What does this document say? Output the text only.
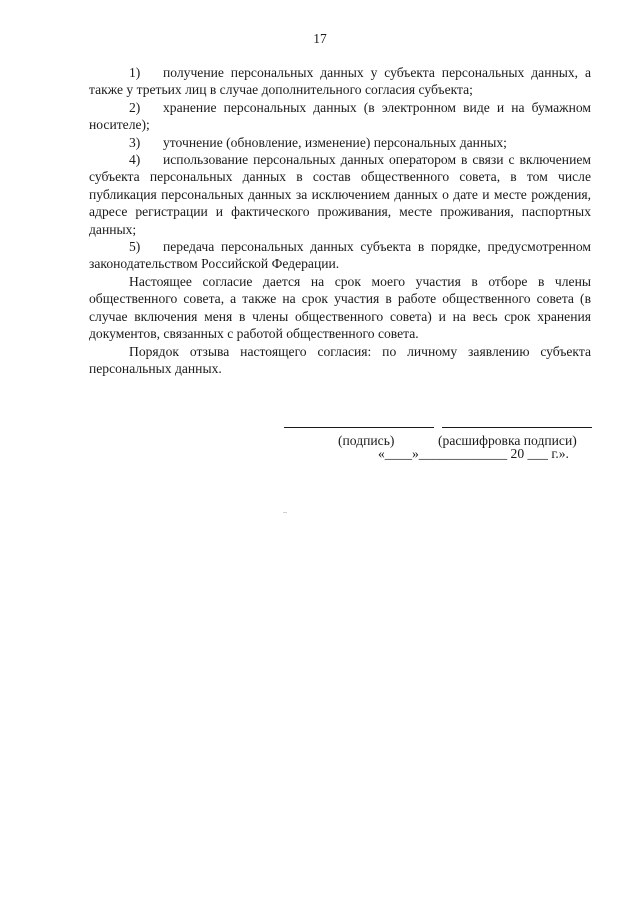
17

1) получение персональных данных у субъекта персональных данных, а также у третьих лиц в случае дополнительного согласия субъекта;

2) хранение персональных данных (в электронном виде и на бумажном носителе);

3) уточнение (обновление, изменение) персональных данных;

4) использование персональных данных оператором в связи с включением субъекта персональных данных в состав общественного совета, в том числе публикация персональных данных за исключением данных о дате и месте рождения, адресе регистрации и фактического проживания, месте проживания, паспортных данных;

5) передача персональных данных субъекта в порядке, предусмотренном законодательством Российской Федерации.

Настоящее согласие дается на срок моего участия в отборе в члены общественного совета, а также на срок участия в работе общественного совета (в случае включения меня в члены общественного совета) и на весь срок хранения документов, связанных с работой общественного совета.

Порядок отзыва настоящего согласия: по личному заявлению субъекта персональных данных.

(подпись)	(расшифровка подписи)
«____»_____________ 20 ___ г.».
